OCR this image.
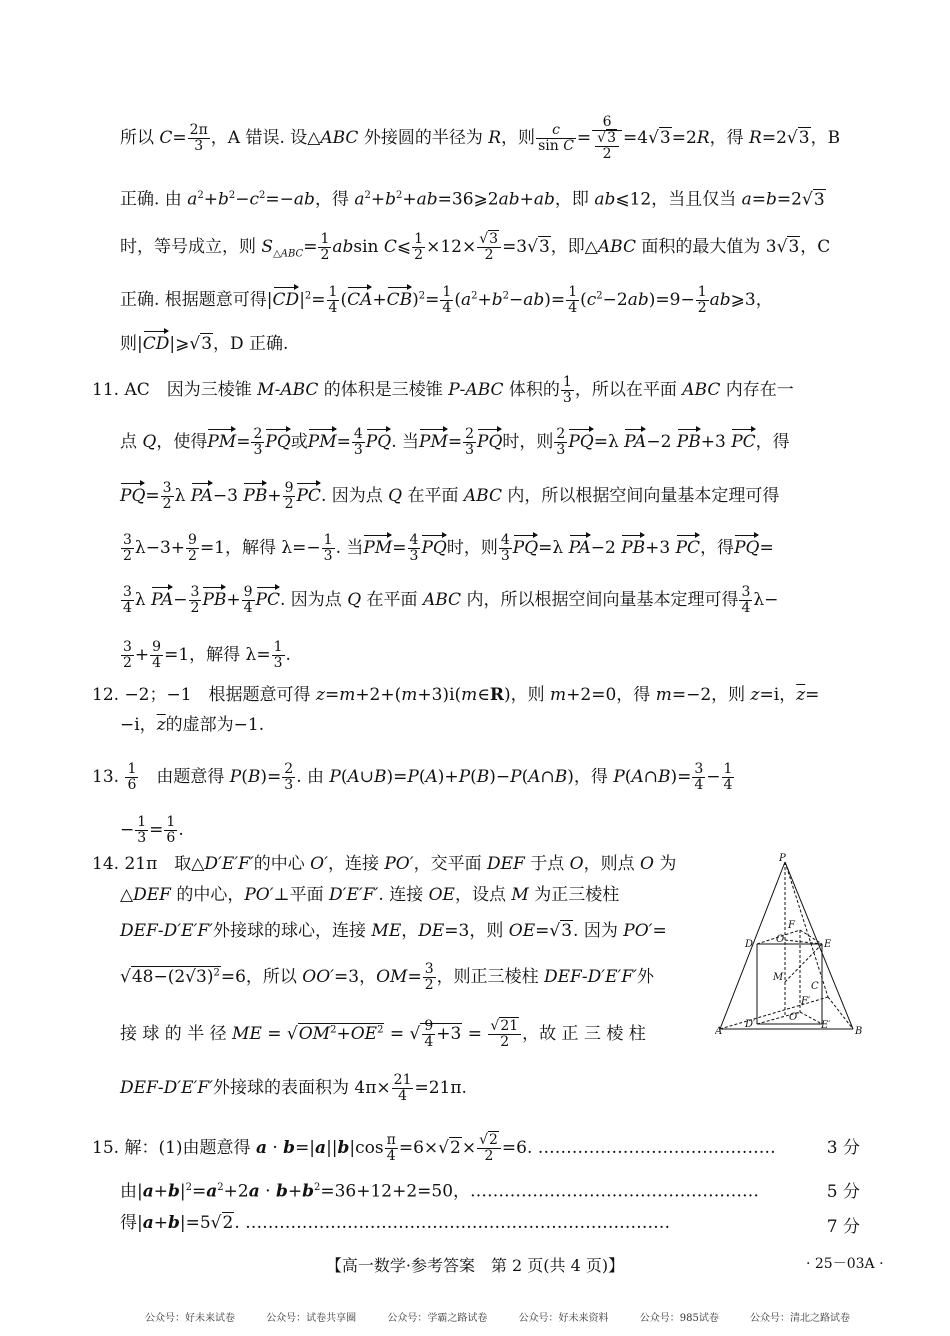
所以 $C= \frac{2\pi}{3}$ ，A 错误. 设△ABC 外接圆的半径为 R，则 $\frac{c}{\text{sin C}} = \frac{6}{\frac{√3}{2}} =4√3=2R$，得 R=2√3，B
正确. 由 $a^2+b^2-c^2=-ab$，得 $a^2+b^2+ab=36⩾2ab+ab$，即 ab⩽12，当且仅当 a=b=2√3
时，等号成立，则 $S_{\triangle ABC}= \frac{1}{2}$ absin C⩽ $\frac{1}{2} \times 12\times \frac{√3}{2} =3√3$，即△ABC 面积的最大值为 3√3，C
正确. 根据题意可得$|CD|^2= \frac{1}{4} (CA+CB)^2= \frac{1}{4} (a^2+b^2-ab)= \frac{1}{4} (c^2-2ab)=9- \frac{1}{2}$ ab⩾3，
则|CD|⩾√3，D 正确.
11. AC　因为三棱锥 M-ABC 的体积是三棱锥 P-ABC 体积的 $\frac{1}{3}$ ，所以在平面 ABC 内存在一
点 Q，使得$PM= \frac{2}{3}$ PQ或$PM= \frac{4}{3}$ PQ. 当$PM= \frac{2}{3}$ PQ时，则 $\frac{2}{3} PQ=\lambda$ PA−2 PB+3 PC，得
$PQ= \frac{3}{2}$ λ PA−3 $PB+ \frac{9}{2}$ PC. 因为点 Q 在平面 ABC 内，所以根据空间向量基本定理可得
$\frac{3}{2} \lambda-3+ \frac{9}{2} =1$，解得 $\lambda=- \frac{1}{3}$ . 当$PM= \frac{4}{3}$ PQ时，则 $\frac{4}{3} PQ=\lambda$ PA−2 PB+3 PC，得PQ=
$\frac{3}{4}$ λ $PA- \frac{3}{2} PB+ \frac{9}{4}$ PC. 因为点 Q 在平面 ABC 内，所以根据空间向量基本定理可得 $\frac{3}{4} \lambda-$
$\frac{3}{2} + \frac{9}{4} =1$，解得 $\lambda= \frac{1}{3}$ .
12. −2；−1　根据题意可得 z=m+2+(m+3)i(m∈R)，则 m+2=0，得 m=−2，则 z=i，$\overline{z}=$
−i，$\overline{z}$的虚部为−1.
13. $\frac{1}{6}$ 　由题意得 $P(B)= \frac{2}{3}$ . 由 P(A∪B)=P(A)+P(B)−P(A∩B)，得 P(A∩B)= $\frac{3}{4} - \frac{1}{4}$
− $\frac{1}{3} = \frac{1}{6}$ .
14. 21π　取△D′E′F′的中心 O′，连接 PO′，交平面 DEF 于点 O，则点 O 为
△DEF 的中心，PO′⊥平面 D′E′F′. 连接 OE，设点 M 为正三棱柱
DEF-D′E′F′外接球的球心，连接 ME，DE=3，则 OE=√3. 因为 PO′=
$√48-(2√3)^2=6$，所以 OO′=3，$OM= \frac{3}{2}$ ，则正三棱柱 DEF-D′E′F′外
接 球 的 半 径 ME = $√OM^2+OE^2$ = √ $\frac{9}{4} +3 = \frac{√21}{2}$ ，故 正 三 棱 柱
DEF-D′E′F′外接球的表面积为 $4\pi\times \frac{21}{4} =21\pi$.
15. 解：(1)由题意得 $a \cdot b=|a||b|\cos \frac{\pi}{4} =6\times√2\times \frac{√2}{2} =6$. ……………………………………	3 分
由$|a+b|^2=a^2+2a \cdot b+b^2=36+12+2=50$，……………………………………………	5 分
得|a+b|=5√2. …………………………………………………………………	7 分
【高一数学·参考答案　第 2 页(共 4 页)】	· 25－03A ·
公众号：好未来试卷	公众号：试卷共享圈	公众号：学霸之路试卷	公众号：好未来资料	公众号：985试卷	公众号：清北之路试卷
P
D O	E
F
M
C
F′
O′
A
D′	E′
B
